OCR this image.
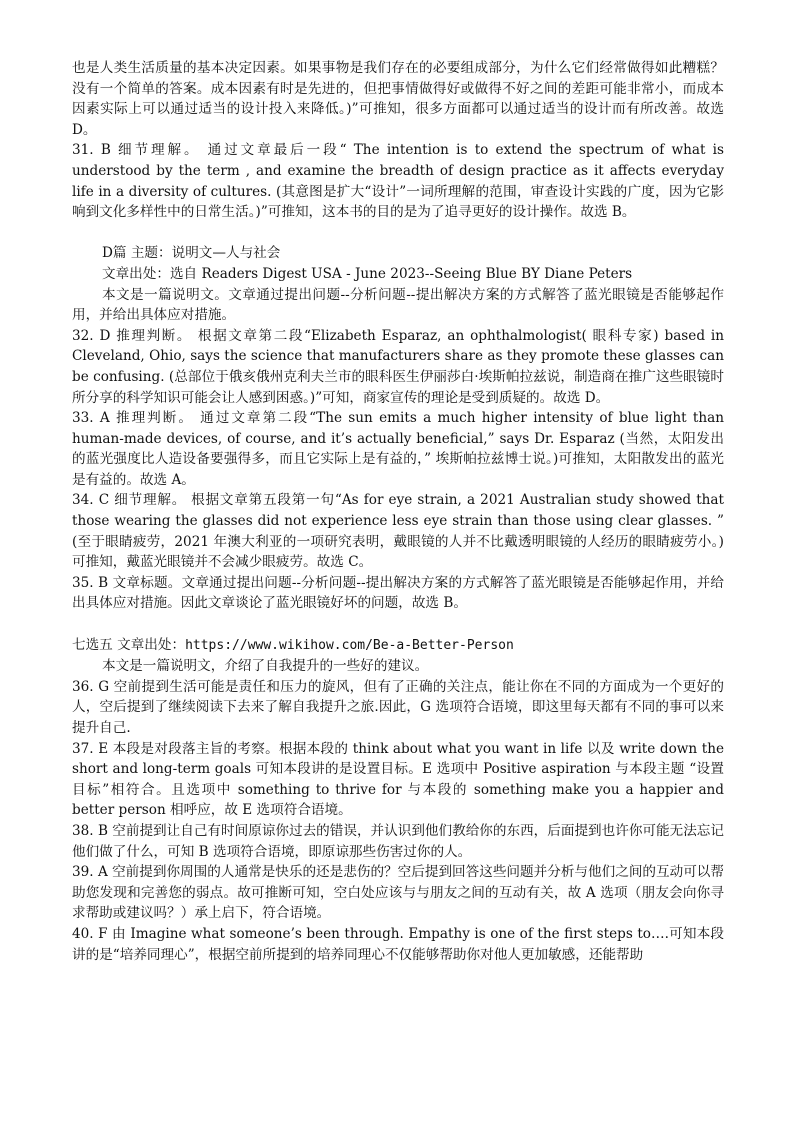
也是人类生活质量的基本决定因素。如果事物是我们存在的必要组成部分，为什么它们经常做得如此糟糕？没有一个简单的答案。成本因素有时是先进的，但把事情做得好或做得不好之间的差距可能非常小，而成本因素实际上可以通过适当的设计投入来降低。)”可推知，很多方面都可以通过适当的设计而有所改善。故选 D。

31. B 细节理解。 通过文章最后一段“ The intention is to extend the spectrum of what is understood by the term , and examine the breadth of design practice as it affects everyday life in a diversity of cultures. (其意图是扩大“设计”一词所理解的范围，审查设计实践的广度，因为它影响到文化多样性中的日常生活。)”可推知，这本书的目的是为了追寻更好的设计操作。故选 B。

D篇 主题：说明文—人与社会

文章出处：选自 Readers Digest USA - June 2023--Seeing Blue BY Diane Peters

本文是一篇说明文。文章通过提出问题--分析问题--提出解决方案的方式解答了蓝光眼镜是否能够起作用，并给出具体应对措施。

32. D 推理判断。 根据文章第二段“Elizabeth Esparaz, an ophthalmologist( 眼科专家) based in Cleveland, Ohio, says the science that manufacturers share as they promote these glasses can be confusing. (总部位于俄亥俄州克利夫兰市的眼科医生伊丽莎白·埃斯帕拉兹说，制造商在推广这些眼镜时所分享的科学知识可能会让人感到困惑。)”可知，商家宣传的理论是受到质疑的。故选 D。

33. A 推理判断。 通过文章第二段“The sun emits a much higher intensity of blue light than human-made devices, of course, and it’s actually beneficial,” says Dr. Esparaz (当然，太阳发出的蓝光强度比人造设备要强得多，而且它实际上是有益的，” 埃斯帕拉兹博士说。)可推知，太阳散发出的蓝光是有益的。故选 A。

34. C 细节理解。 根据文章第五段第一句“As for eye strain, a 2021 Australian study showed that those wearing the glasses did not experience less eye strain than those using clear glasses. ” (至于眼睛疲劳，2021 年澳大利亚的一项研究表明，戴眼镜的人并不比戴透明眼镜的人经历的眼睛疲劳小。)可推知，戴蓝光眼镜并不会减少眼疲劳。故选 C。

35. B 文章标题。文章通过提出问题--分析问题--提出解决方案的方式解答了蓝光眼镜是否能够起作用，并给出具体应对措施。因此文章谈论了蓝光眼镜好坏的问题，故选 B。

七选五 文章出处：https://www.wikihow.com/Be-a-Better-Person

本文是一篇说明文，介绍了自我提升的一些好的建议。

36. G 空前提到生活可能是责任和压力的旋风，但有了正确的关注点，能让你在不同的方面成为一个更好的人，空后提到了继续阅读下去来了解自我提升之旅.因此，G 选项符合语境，即这里每天都有不同的事可以来提升自己.

37. E 本段是对段落主旨的考察。根据本段的 think about what you want in life 以及 write down the short and long-term goals 可知本段讲的是设置目标。E 选项中 Positive aspiration 与本段主题 “设置目标”相符合。且选项中 something to thrive for 与本段的 something make you a happier and better person 相呼应，故 E 选项符合语境。

38. B 空前提到让自己有时间原谅你过去的错误，并认识到他们教给你的东西，后面提到也许你可能无法忘记他们做了什么，可知 B 选项符合语境，即原谅那些伤害过你的人。

39. A 空前提到你周围的人通常是快乐的还是悲伤的？空后提到回答这些问题并分析与他们之间的互动可以帮助您发现和完善您的弱点。故可推断可知，空白处应该与与朋友之间的互动有关，故 A 选项（朋友会向你寻求帮助或建议吗？）承上启下，符合语境。

40. F 由 Imagine what someone’s been through. Empathy is one of the first steps to….可知本段讲的是“培养同理心”，根据空前所提到的培养同理心不仅能够帮助你对他人更加敏感，还能帮助
